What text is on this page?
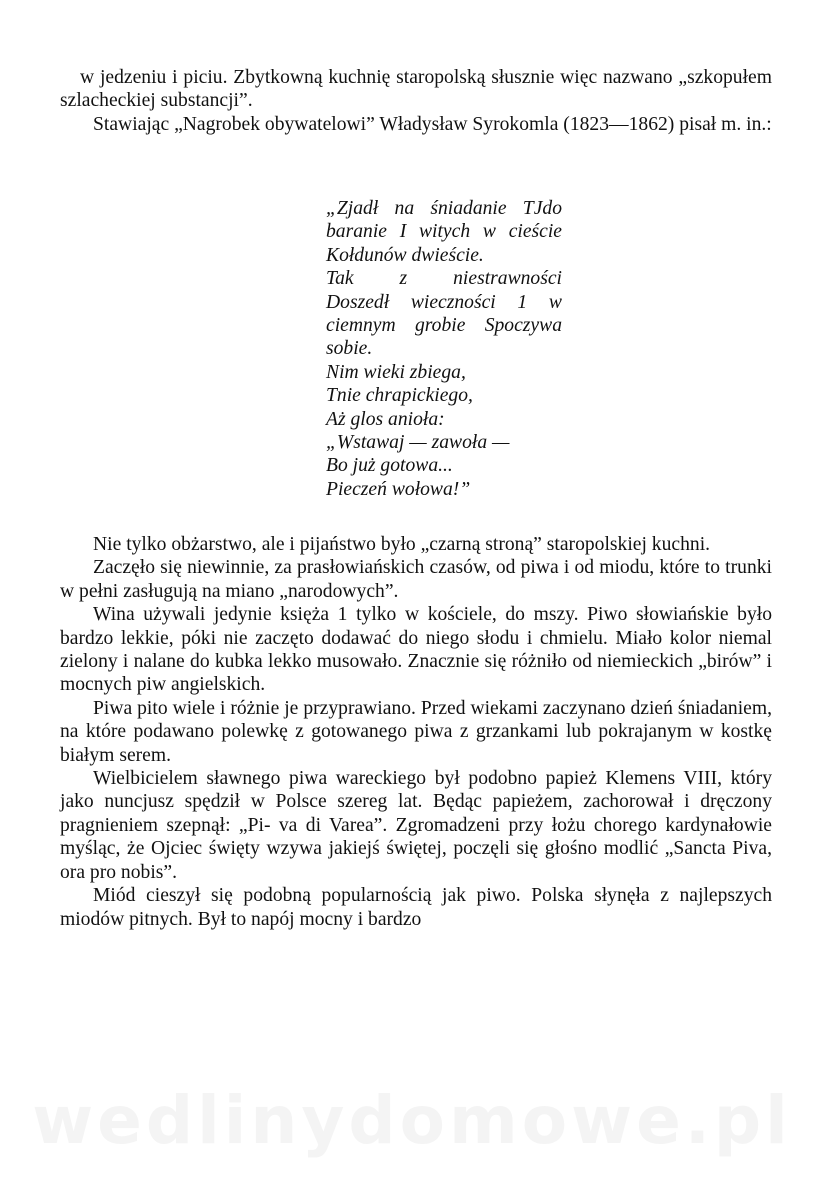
w jedzeniu i piciu. Zbytkowną kuchnię staropolską słusznie więc nazwano „szkopułem szlacheckiej substancji”.

Stawiając „Nagrobek obywatelowi” Władysław Syrokomla (1823—1862) pisał m. in.:

„Zjadł na śniadanie TJdo
baranie I witych w cieście
Kołdunów dwieście.
Tak z niestrawności
Doszedł wieczności 1 w
ciemnym grobie Spoczywa
sobie.
Nim wieki zbiega,
Tnie chrapickiego,
Aż glos anioła:
„Wstawaj — zawoła —
Bo już gotowa...
Pieczeń wołowa!”

Nie tylko obżarstwo, ale i pijaństwo było „czarną stroną” staropolskiej kuchni.

Zaczęło się niewinnie, za prasłowiańskich czasów, od piwa i od miodu, które to trunki w pełni zasługują na miano „narodowych”.

Wina używali jedynie księża 1 tylko w kościele, do mszy. Piwo słowiańskie było bardzo lekkie, póki nie zaczęto dodawać do niego słodu i chmielu. Miało kolor niemal zielony i nalane do kubka lekko musowało. Znacznie się różniło od niemieckich „birów” i mocnych piw angielskich.

Piwa pito wiele i różnie je przyprawiano. Przed wiekami zaczynano dzień śniadaniem, na które podawano polewkę z gotowanego piwa z grzankami lub pokrajanym w kostkę białym serem.

Wielbicielem sławnego piwa wareckiego był podobno papież Klemens VIII, który jako nuncjusz spędził w Polsce szereg lat. Będąc papieżem, zachorował i dręczony pragnieniem szepnął: „Pi- va di Varea”. Zgromadzeni przy łożu chorego kardynałowie myśląc, że Ojciec święty wzywa jakiejś świętej, poczęli się głośno modlić „Sancta Piva, ora pro nobis”.

Miód cieszył się podobną popularnością jak piwo. Polska słynęła z najlepszych miodów pitnych. Był to napój mocny i bardzo

wedlinydomowe.pl
